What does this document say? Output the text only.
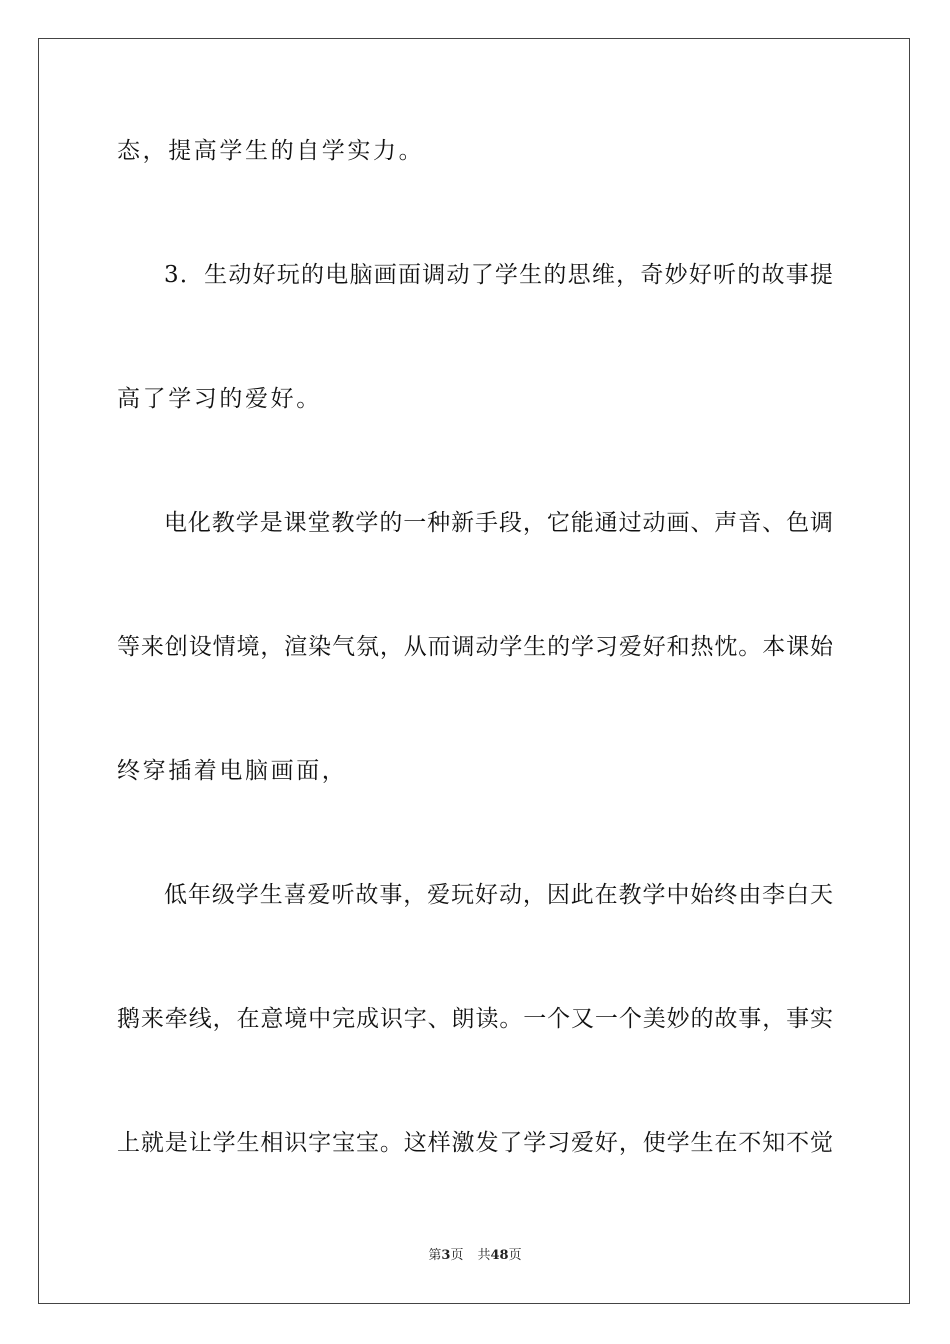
态，提高学生的自学实力。
3．生动好玩的电脑画面调动了学生的思维，奇妙好听的故事提
高了学习的爱好。
电化教学是课堂教学的一种新手段，它能通过动画、声音、色调
等来创设情境，渲染气氛，从而调动学生的学习爱好和热忱。本课始
终穿插着电脑画面，
低年级学生喜爱听故事，爱玩好动，因此在教学中始终由李白天
鹅来牵线，在意境中完成识字、朗读。一个又一个美妙的故事，事实
上就是让学生相识字宝宝。这样激发了学习爱好，使学生在不知不觉
第3页 共48页
